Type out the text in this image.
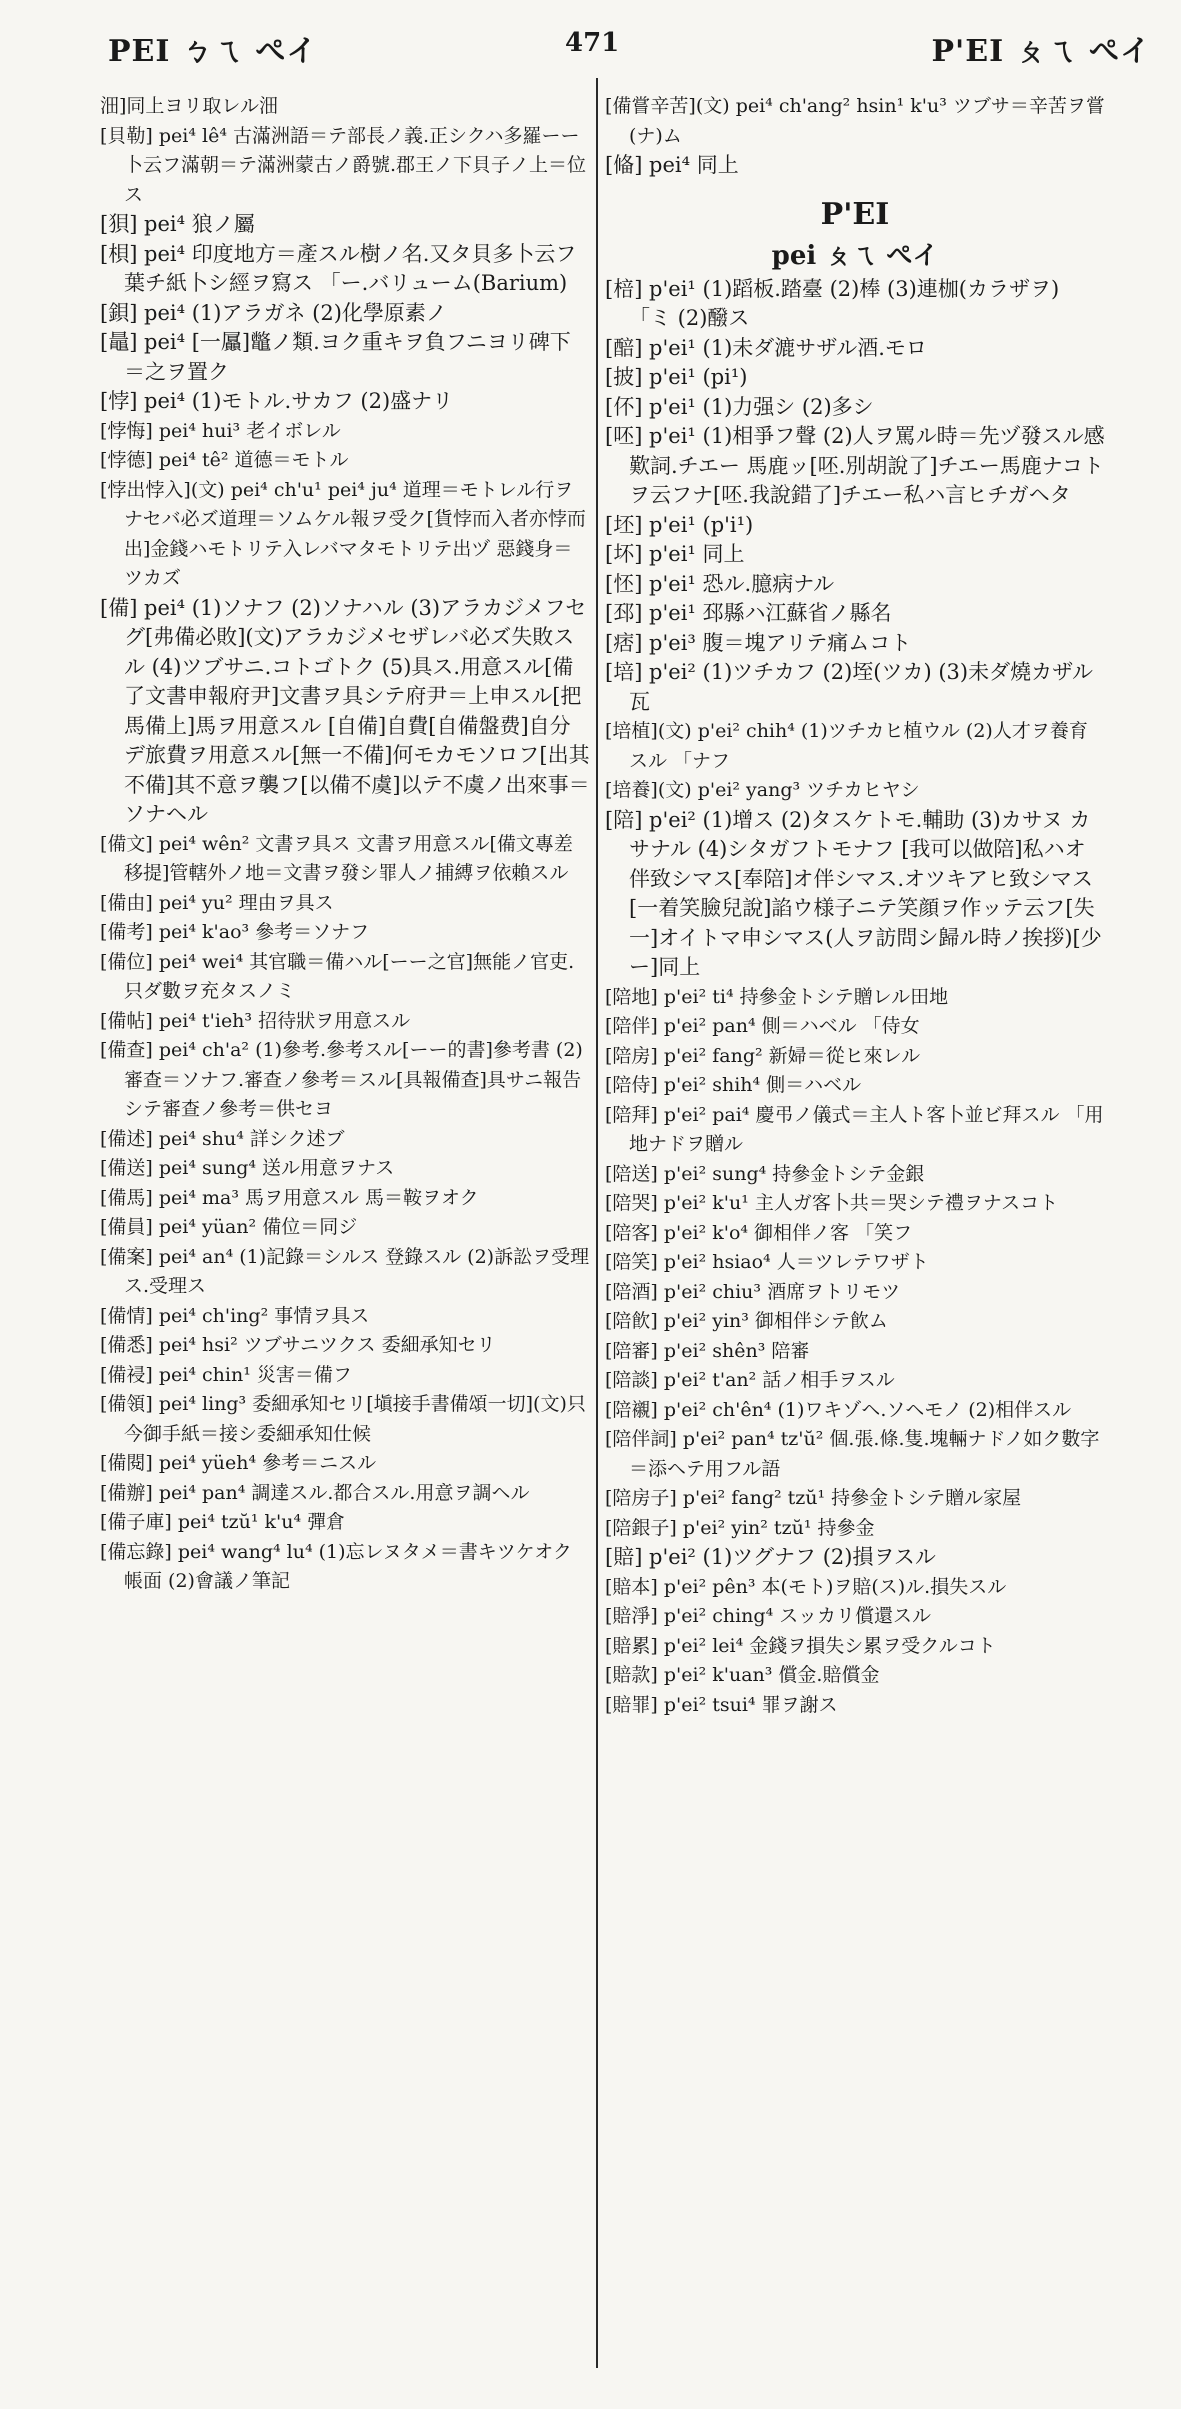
PEI ㄅㄟ ぺイ	471	P'EI ㄆㄟ ぺイ

沺]同上ヨリ取レル沺

[貝勒] pei⁴ lê⁴ 古滿洲語＝テ部長ノ義.正シクハ多羅ーー卜云フ滿朝＝テ滿洲蒙古ノ爵號.郡王ノ下貝子ノ上＝位ス

[狽] pei⁴ 狼ノ屬

[梖] pei⁴ 印度地方＝產スル樹ノ名.又タ貝多卜云フ葉チ紙卜シ經ヲ寫ス 「ー.バリューム(Barium)

[鋇] pei⁴ (1)アラガネ (2)化學原素ノ

[鼂] pei⁴ [一屭]鼈ノ類.ヨク重キヲ負フニヨリ碑下＝之ヲ置ク

[悖] pei⁴ (1)モトル.サカフ (2)盛ナリ

[悖悔] pei⁴ hui³ 老イボレル

[悖德] pei⁴ tê² 道德＝モトル

[悖出悖入](文) pei⁴ ch'u¹ pei⁴ ju⁴ 道理＝モトレル行ヲナセバ必ズ道理＝ソムケル報ヲ受ク[貨悖而入者亦悖而出]金錢ハモトリテ入レバマタモトリテ出ヅ 惡錢身＝ツカズ

[備] pei⁴ (1)ソナフ (2)ソナハル (3)アラカジメフセグ[弗備必敗](文)アラカジメセザレバ必ズ失敗スル (4)ツブサニ.コトゴトク (5)具ス.用意スル[備了文書申報府尹]文書ヲ具シテ府尹＝上申スル[把馬備上]馬ヲ用意スル [自備]自費[自備盤费]自分デ旅費ヲ用意スル[無一不備]何モカモソロフ[出其不備]其不意ヲ襲フ[以備不虞]以テ不虞ノ出來事＝ソナヘル

[備文] pei⁴ wên² 文書ヲ具ス 文書ヲ用意スル[備文專差移提]管轄外ノ地＝文書ヲ發シ罪人ノ捕縛ヲ依賴スル

[備由] pei⁴ yu² 理由ヲ具ス

[備考] pei⁴ k'ao³ 參考＝ソナフ

[備位] pei⁴ wei⁴ 其官職＝備ハル[ーー之官]無能ノ官吏.只ダ數ヲ充タスノミ

[備帖] pei⁴ t'ieh³ 招待狀ヲ用意スル

[備查] pei⁴ ch'a² (1)參考.參考スル[ーー的書]參考書 (2)審查＝ソナフ.審查ノ參考＝スル[具報備查]具サニ報告シテ審查ノ參考＝供セヨ

[備述] pei⁴ shu⁴ 詳シク述ブ

[備送] pei⁴ sung⁴ 送ル用意ヲナス

[備馬] pei⁴ ma³ 馬ヲ用意スル 馬＝鞍ヲオク

[備員] pei⁴ yüan² 備位＝同ジ

[備案] pei⁴ an⁴ (1)記錄＝シルス 登錄スル (2)訴訟ヲ受理ス.受理ス

[備情] pei⁴ ch'ing² 事情ヲ具ス

[備悉] pei⁴ hsi² ツブサニツクス 委細承知セリ

[備祲] pei⁴ chin¹ 災害＝備フ

[備領] pei⁴ ling³ 委細承知セリ[塡接手書備頌一切](文)只今御手紙＝接シ委細承知仕候

[備閱] pei⁴ yüeh⁴ 參考＝ニスル

[備辦] pei⁴ pan⁴ 調達スル.都合スル.用意ヲ調ヘル

[備子庫] pei⁴ tzŭ¹ k'u⁴ 彈倉

[備忘錄] pei⁴ wang⁴ lu⁴ (1)忘レヌタメ＝書キツケオク帳面 (2)會議ノ筆記

[備嘗辛苦](文) pei⁴ ch'ang² hsin¹ k'u³ ツブサ＝辛苦ヲ嘗(ナ)ム

[偹] pei⁴ 同上

P'EI

pei ㄆㄟ ぺイ

[棓] p'ei¹ (1)蹈板.踏臺 (2)棒 (3)連枷(カラザヲ) 「ミ (2)醱ス

[醅] p'ei¹ (1)未ダ漉サザル酒.モロ

[披] p'ei¹ (pi¹)

[伓] p'ei¹ (1)力强シ (2)多シ

[呸] p'ei¹ (1)相爭フ聲 (2)人ヲ罵ル時＝先ヅ發スル感歎詞.チエー 馬鹿ッ[呸.別胡說了]チエー馬鹿ナコトヲ云フナ[呸.我說錯了]チエー私ハ言ヒチガヘタ

[坯] p'ei¹ (p'i¹)

[坏] p'ei¹ 同上

[怌] p'ei¹ 恐ル.臆病ナル

[邳] p'ei¹ 邳縣ハ江蘇省ノ縣名

[痞] p'ei³ 腹＝塊アリテ痛ムコト

[培] p'ei² (1)ツチカフ (2)垤(ツカ) (3)未ダ燒カザル瓦

[培植](文) p'ei² chih⁴ (1)ツチカヒ植ウル (2)人才ヲ養育スル 「ナフ

[培養](文) p'ei² yang³ ツチカヒヤシ

[陪] p'ei² (1)增ス (2)タスケトモ.輔助 (3)カサヌ カサナル (4)シタガフトモナフ [我可以做陪]私ハオ伴致シマス[奉陪]オ伴シマス.オツキアヒ致シマス[一着笑臉兒說]諂ウ様子ニテ笑顔ヲ作ッテ云フ[失一]オイトマ申シマス(人ヲ訪問シ歸ル時ノ挨拶)[少ー]同上

[陪地] p'ei² ti⁴ 持參金トシテ贈レル田地

[陪伴] p'ei² pan⁴ 側＝ハベル 「侍女

[陪房] p'ei² fang² 新婦＝從ヒ來レル

[陪侍] p'ei² shih⁴ 側＝ハベル

[陪拜] p'ei² pai⁴ 慶弔ノ儀式＝主人ト客卜並ビ拜スル 「用地ナドヲ贈ル

[陪送] p'ei² sung⁴ 持參金トシテ金銀

[陪哭] p'ei² k'u¹ 主人ガ客卜共＝哭シテ禮ヲナスコト

[陪客] p'ei² k'o⁴ 御相伴ノ客 「笑フ

[陪笑] p'ei² hsiao⁴ 人＝ツレテワザト

[陪酒] p'ei² chiu³ 酒席ヲトリモツ

[陪飮] p'ei² yin³ 御相伴シテ飮ム

[陪審] p'ei² shên³ 陪審

[陪談] p'ei² t'an² 話ノ相手ヲスル

[陪襯] p'ei² ch'ên⁴ (1)ワキゾヘ.ソヘモノ (2)相伴スル

[陪伴詞] p'ei² pan⁴ tz'ŭ² 個.張.條.隻.塊輛ナドノ如ク數字＝添ヘテ用フル語

[陪房子] p'ei² fang² tzŭ¹ 持參金トシテ贈ル家屋

[陪銀子] p'ei² yin² tzŭ¹ 持參金

[賠] p'ei² (1)ツグナフ (2)損ヲスル

[賠本] p'ei² pên³ 本(モト)ヲ賠(ス)ル.損失スル

[賠淨] p'ei² ching⁴ スッカリ償還スル

[賠累] p'ei² lei⁴ 金錢ヲ損失シ累ヲ受クルコト

[賠款] p'ei² k'uan³ 償金.賠償金

[賠罪] p'ei² tsui⁴ 罪ヲ謝ス
